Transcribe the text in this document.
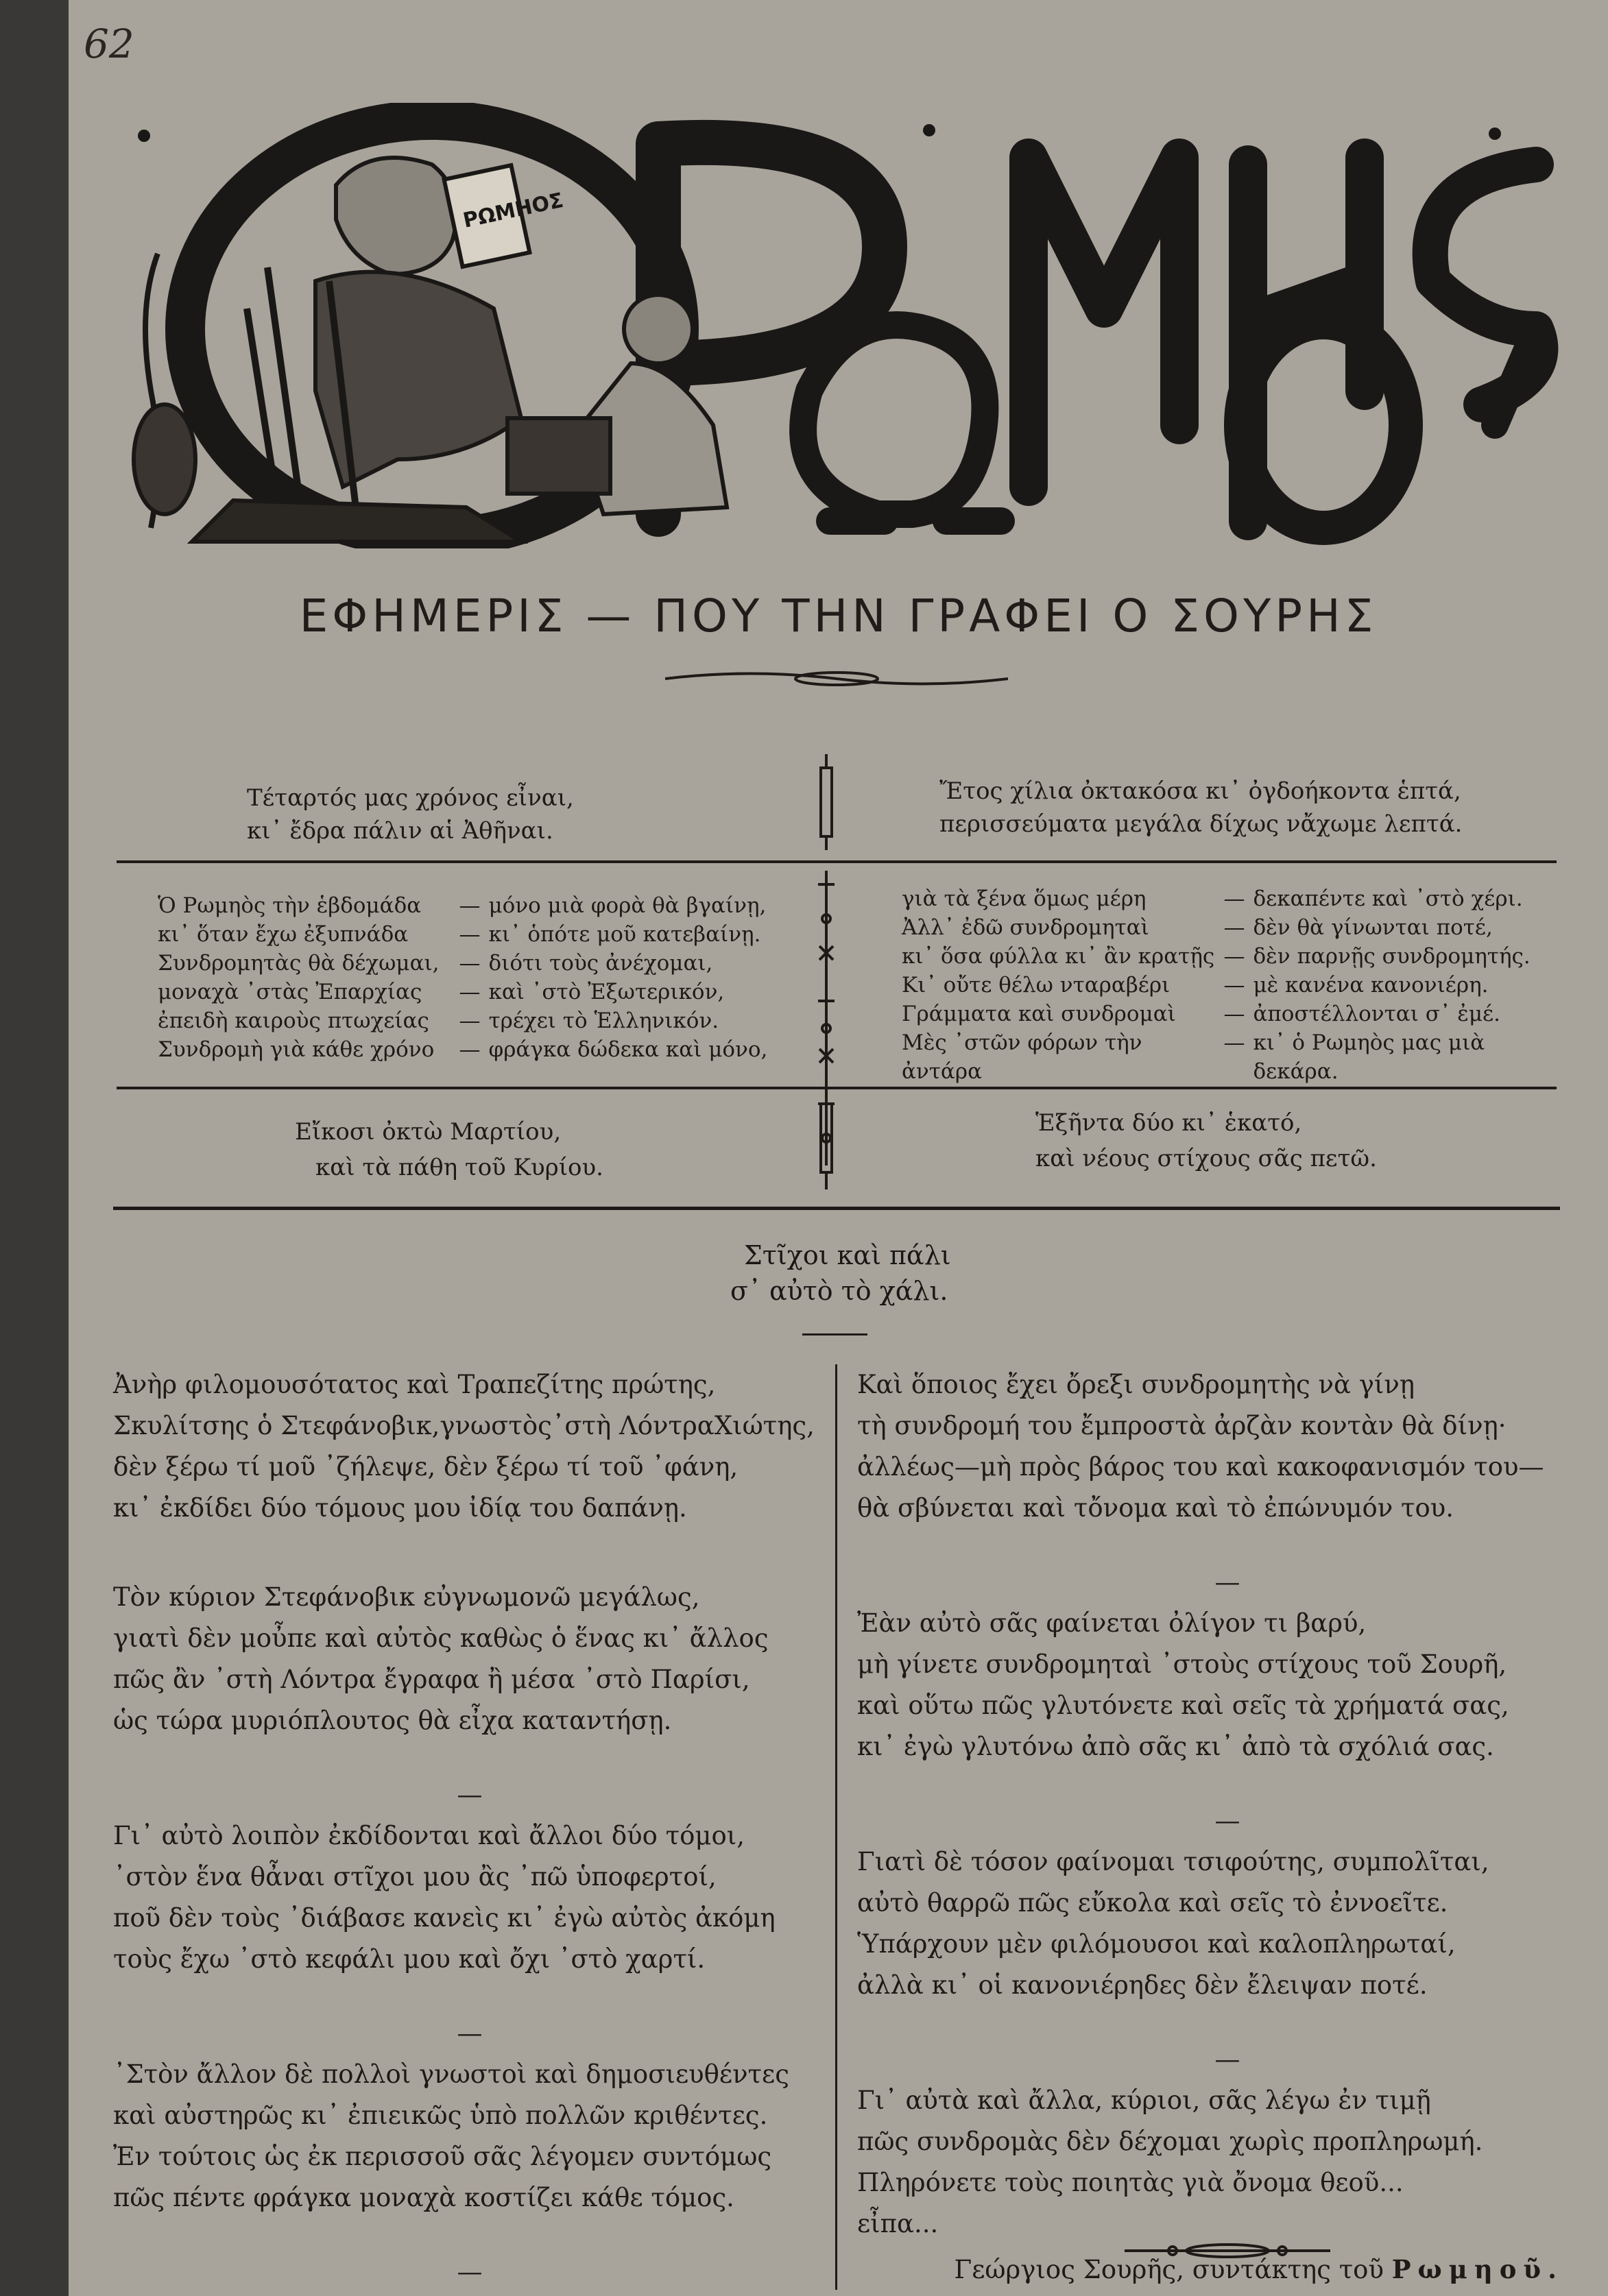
62
ΡΩΜΗΟΣ
ΕΦΗΜΕΡΙΣ — ΠΟΥ ΤΗΝ ΓΡΑΦΕΙ Ο ΣΟΥΡΗΣ
Τέταρτός μας χρόνος εἶναι,
κι᾽ ἔδρα πάλιν αἱ Ἀθῆναι.
Ἔτος χίλια ὀκτακόσα κι᾽ ὀγδοήκοντα ἑπτά,
περισσεύματα μεγάλα δίχως νἄχωμε λεπτά.
Ὁ Ρωμηὸς τὴν ἑβδομάδα	— μόνο μιὰ φορὰ θὰ βγαίνῃ,
κι᾽ ὅταν ἔχω ἐξυπνάδα	— κι᾽ ὁπότε μοῦ κατεβαίνῃ.
Συνδρομητὰς θὰ δέχωμαι, — διότι τοὺς ἀνέχομαι,
μοναχὰ ᾽στὰς Ἐπαρχίας	— καὶ ᾽στὸ Ἐξωτερικόν,
ἐπειδὴ καιροὺς πτωχείας	— τρέχει τὸ Ἑλληνικόν.
Συνδρομὴ γιὰ κάθε χρόνο	— φράγκα δώδεκα καὶ μόνο,
γιὰ τὰ ξένα ὅμως μέρη	— δεκαπέντε καὶ ᾽στὸ χέρι.
Ἀλλ᾽ ἐδῶ συνδρομηταὶ	— δὲν θὰ γίνωνται ποτέ,
κι᾽ ὅσα φύλλα κι᾽ ἂν κρατῇς — δὲν παρνῇς συνδρομητής.
Κι᾽ οὔτε θέλω νταραβέρι	— μὲ κανένα κανονιέρη.
Γράμματα καὶ συνδρομαὶ	— ἀποστέλλονται σ᾽ ἐμέ.
Μὲς ᾽στῶν φόρων τὴν ἀντάρα
— κι᾽ ὁ Ρωμηὸς μας μιὰ δεκάρα.
Εἴκοσι ὀκτὼ Μαρτίου,
καὶ τὰ πάθη τοῦ Κυρίου.
Ἑξῆντα δύο κι᾽ ἑκατό,
καὶ νέους στίχους σᾶς πετῶ.
Στῖχοι καὶ πάλι
σ᾽ αὐτὸ τὸ χάλι.

Ἀνὴρ φιλομουσότατος καὶ Τραπεζίτης πρώτης,
Σκυλίτσης ὁ Στεφάνοβικ,γνωστὸς᾽στὴ ΛόντραΧιώτης,
δὲν ξέρω τί μοῦ ᾽ζήλεψε, δὲν ξέρω τί τοῦ ᾽φάνη,
κι᾽ ἐκδίδει δύο τόμους μου ἰδίᾳ του δαπάνῃ.

Τὸν κύριον Στεφάνοβικ εὐγνωμονῶ μεγάλως,
γιατὶ δὲν μοὖπε καὶ αὐτὸς καθὼς ὁ ἕνας κι᾽ ἄλλος
πῶς ἂν ᾽στὴ Λόντρα ἔγραφα ἢ μέσα ᾽στὸ Παρίσι,
ὡς τώρα μυριόπλουτος θὰ εἶχα καταντήσῃ.

—

Γι᾽ αὐτὸ λοιπὸν ἐκδίδονται καὶ ἄλλοι δύο τόμοι,
᾽στὸν ἕνα θἆναι στῖχοι μου ἂς ᾽πῶ ὑποφερτοί,
ποῦ δὲν τοὺς ᾽διάβασε κανεὶς κι᾽ ἐγὼ αὐτὸς ἀκόμη
τοὺς ἔχω ᾽στὸ κεφάλι μου καὶ ὄχι ᾽στὸ χαρτί.

—

᾽Στὸν ἄλλον δὲ πολλοὶ γνωστοὶ καὶ δημοσιευθέντες
καὶ αὐστηρῶς κι᾽ ἐπιεικῶς ὑπὸ πολλῶν κριθέντες.
Ἐν τούτοις ὡς ἐκ περισσοῦ σᾶς λέγομεν συντόμως
πῶς πέντε φράγκα μοναχὰ κοστίζει κάθε τόμος.

—

Καὶ ὅποιος ἔχει ὄρεξι συνδρομητὴς νὰ γίνῃ
τὴ συνδρομή του ἔμπροστὰ ἀρζὰν κοντὰν θὰ δίνῃ·
ἀλλέως—μὴ πρὸς βάρος του καὶ κακοφανισμόν του—
θὰ σβύνεται καὶ τὄνομα καὶ τὸ ἐπώνυμόν του.

—

Ἐὰν αὐτὸ σᾶς φαίνεται ὀλίγον τι βαρύ,
μὴ γίνετε συνδρομηταὶ ᾽στοὺς στίχους τοῦ Σουρῆ,
καὶ οὕτω πῶς γλυτόνετε καὶ σεῖς τὰ χρήματά σας,
κι᾽ ἐγὼ γλυτόνω ἀπὸ σᾶς κι᾽ ἀπὸ τὰ σχόλιά σας.

—

Γιατὶ δὲ τόσον φαίνομαι τσιφούτης, συμπολῖται,
αὐτὸ θαρρῶ πῶς εὔκολα καὶ σεῖς τὸ ἐννοεῖτε.
Ὑπάρχουν μὲν φιλόμουσοι καὶ καλοπληρωταί,
ἀλλὰ κι᾽ οἱ κανονιέρηδες δὲν ἔλειψαν ποτέ.

—

Γι᾽ αὐτὰ καὶ ἄλλα, κύριοι, σᾶς λέγω ἐν τιμῇ
πῶς συνδρομὰς δὲν δέχομαι χωρὶς προπληρωμή.
Πληρόνετε τοὺς ποιητὰς γιὰ ὄνομα θεοῦ...
εἶπα...

Γεώργιος Σουρῆς, συντάκτης τοῦ Ρωμηοῦ.
